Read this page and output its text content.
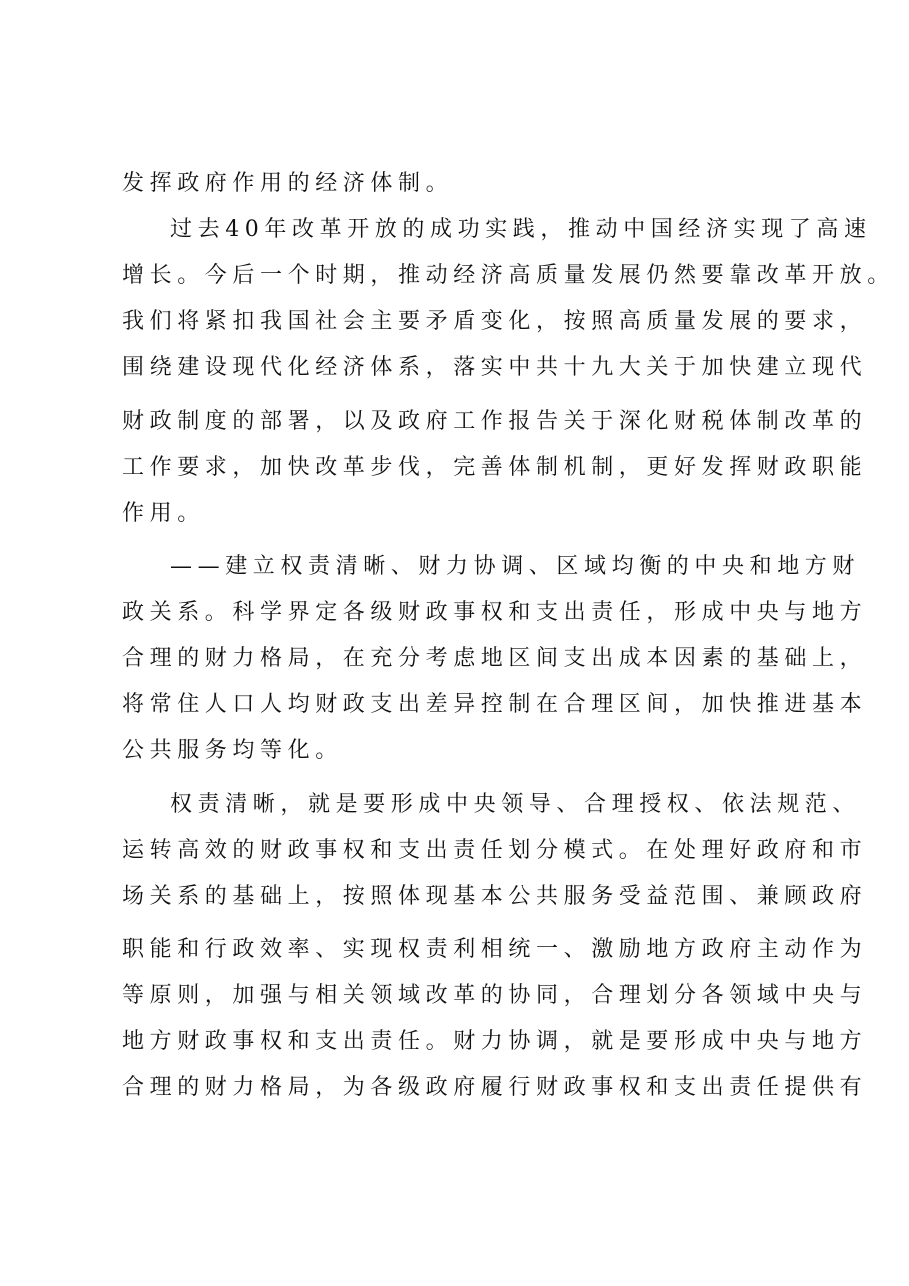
发挥政府作用的经济体制。
过去40年改革开放的成功实践，推动中国经济实现了高速
增长。今后一个时期，推动经济高质量发展仍然要靠改革开放。
我们将紧扣我国社会主要矛盾变化，按照高质量发展的要求，
围绕建设现代化经济体系，落实中共十九大关于加快建立现代
财政制度的部署，以及政府工作报告关于深化财税体制改革的
工作要求，加快改革步伐，完善体制机制，更好发挥财政职能
作用。
——建立权责清晰、财力协调、区域均衡的中央和地方财
政关系。科学界定各级财政事权和支出责任，形成中央与地方
合理的财力格局，在充分考虑地区间支出成本因素的基础上，
将常住人口人均财政支出差异控制在合理区间，加快推进基本
公共服务均等化。
权责清晰，就是要形成中央领导、合理授权、依法规范、
运转高效的财政事权和支出责任划分模式。在处理好政府和市
场关系的基础上，按照体现基本公共服务受益范围、兼顾政府
职能和行政效率、实现权责利相统一、激励地方政府主动作为
等原则，加强与相关领域改革的协同，合理划分各领域中央与
地方财政事权和支出责任。财力协调，就是要形成中央与地方
合理的财力格局，为各级政府履行财政事权和支出责任提供有
